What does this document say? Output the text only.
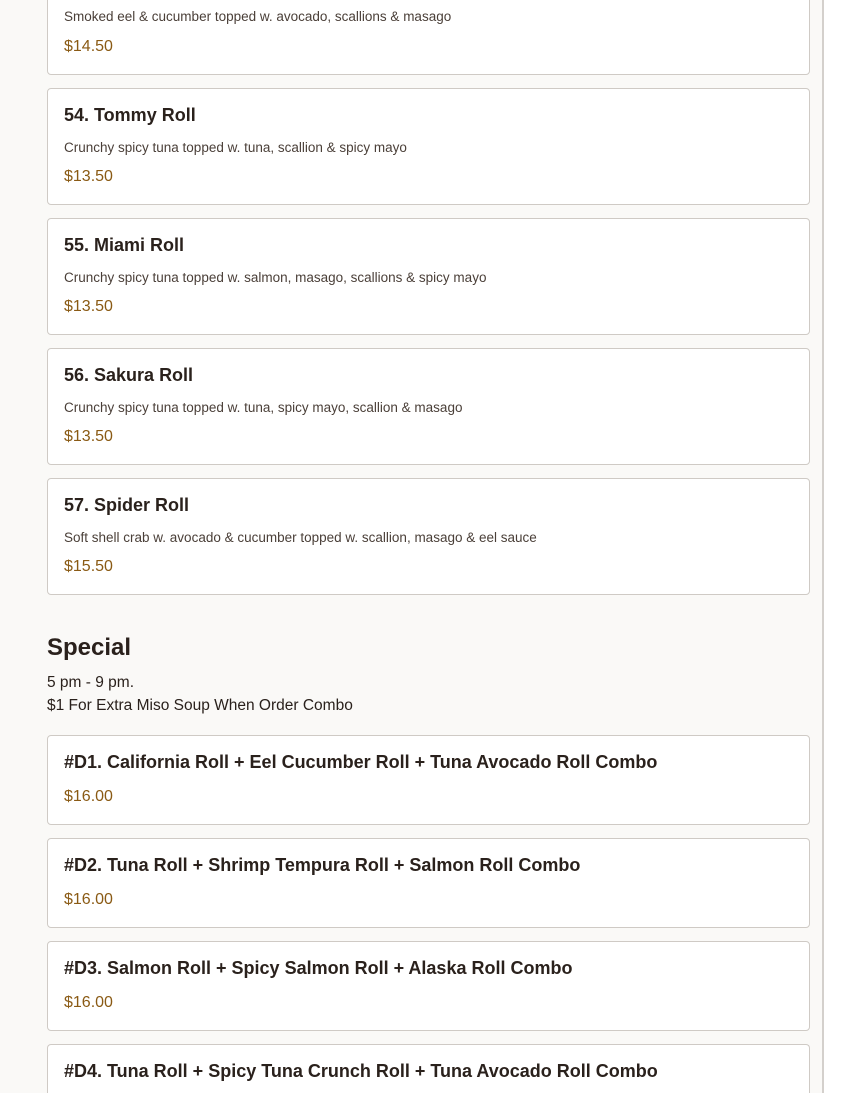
Smoked eel & cucumber topped w. avocado, scallions & masago
$14.50
54. Tommy Roll
Crunchy spicy tuna topped w. tuna, scallion & spicy mayo
$13.50
55. Miami Roll
Crunchy spicy tuna topped w. salmon, masago, scallions & spicy mayo
$13.50
56. Sakura Roll
Crunchy spicy tuna topped w. tuna, spicy mayo, scallion & masago
$13.50
57. Spider Roll
Soft shell crab w. avocado & cucumber topped w. scallion, masago & eel sauce
$15.50
Special
5 pm - 9 pm.
$1 For Extra Miso Soup When Order Combo
#D1. California Roll + Eel Cucumber Roll + Tuna Avocado Roll Combo
$16.00
#D2. Tuna Roll + Shrimp Tempura Roll + Salmon Roll Combo
$16.00
#D3. Salmon Roll + Spicy Salmon Roll + Alaska Roll Combo
$16.00
#D4. Tuna Roll + Spicy Tuna Crunch Roll + Tuna Avocado Roll Combo
